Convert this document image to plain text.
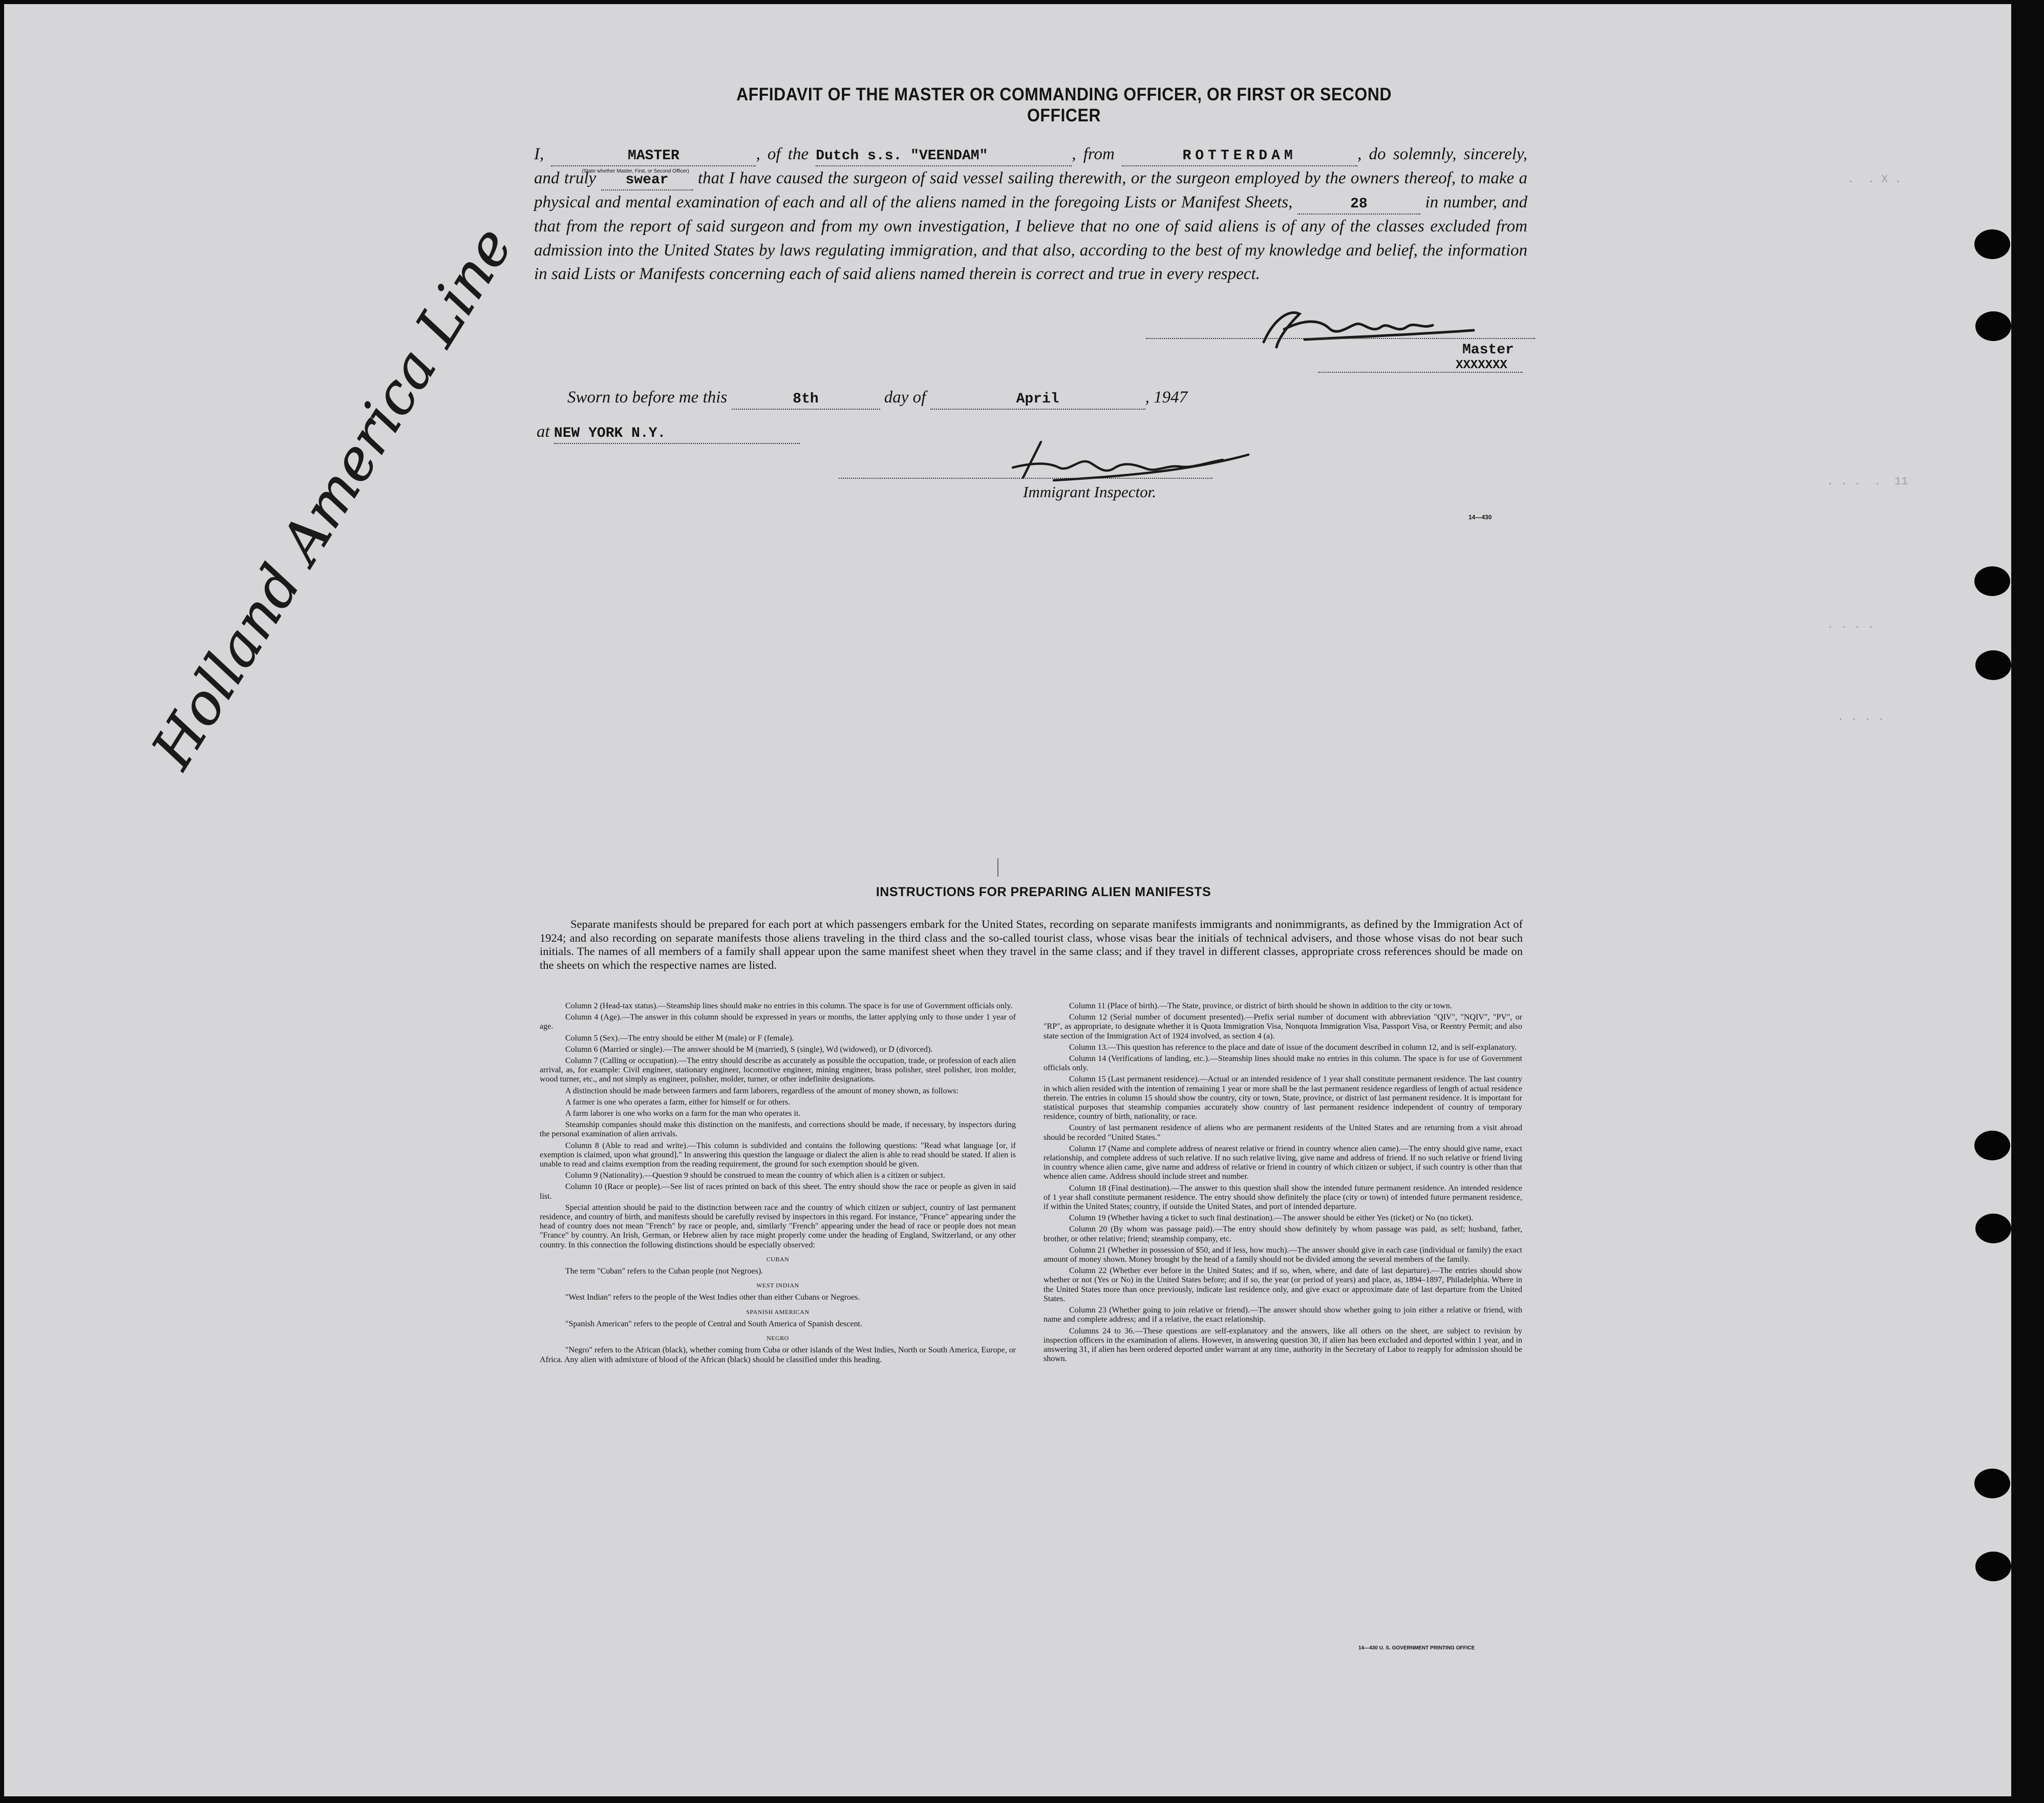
.  . X .
. . .  .  11
. . . .
. . . .
AFFIDAVIT OF THE MASTER OR COMMANDING OFFICER, OR FIRST OR SECOND OFFICER
I,	MASTER
(State whether Master, First, or Second Officer)
, of the Dutch s.s. "VEENDAM"	, from	ROTTERDAM	, do solemnly, sincerely, and truly swear that I have caused the surgeon of said vessel sailing therewith, or the surgeon employed by the owners thereof, to make a physical and mental examination of each and all of the aliens named in the foregoing Lists or Manifest Sheets,	28	in number, and that from the report of said surgeon and from my own investigation, I believe that no one of said aliens is of any of the classes excluded from admission into the United States by laws regulating immigration, and that also, according to the best of my knowledge and belief, the information in said Lists or Manifests concerning each of said aliens named therein is correct and true in every respect.
Master
XXXXXXX
Sworn to before me this	8th	day of	April	, 1947
at NEW YORK N.Y.
Immigrant Inspector.
14—430
Holland America Line
INSTRUCTIONS FOR PREPARING ALIEN MANIFESTS
Separate manifests should be prepared for each port at which passengers embark for the United States, recording on separate manifests immigrants and nonimmigrants, as defined by the Immigration Act of 1924; and also recording on separate manifests those aliens traveling in the third class and the so-called tourist class, whose visas bear the initials of technical advisers, and those whose visas do not bear such initials. The names of all members of a family shall appear upon the same manifest sheet when they travel in the same class; and if they travel in different classes, appropriate cross references should be made on the sheets on which the respective names are listed.

Column 2 (Head-tax status).—Steamship lines should make no entries in this column. The space is for use of Government officials only.

Column 4 (Age).—The answer in this column should be expressed in years or months, the latter applying only to those under 1 year of age.

Column 5 (Sex).—The entry should be either M (male) or F (female).

Column 6 (Married or single).—The answer should be M (married), S (single), Wd (widowed), or D (divorced).

Column 7 (Calling or occupation).—The entry should describe as accurately as possible the occupation, trade, or profession of each alien arrival, as, for example: Civil engineer, stationary engineer, locomotive engineer, mining engineer, brass polisher, steel polisher, iron molder, wood turner, etc., and not simply as engineer, polisher, molder, turner, or other indefinite designations.

A distinction should be made between farmers and farm laborers, regardless of the amount of money shown, as follows:

A farmer is one who operates a farm, either for himself or for others.

A farm laborer is one who works on a farm for the man who operates it.

Steamship companies should make this distinction on the manifests, and corrections should be made, if necessary, by inspectors during the personal examination of alien arrivals.

Column 8 (Able to read and write).—This column is subdivided and contains the following questions: "Read what language [or, if exemption is claimed, upon what ground]." In answering this question the language or dialect the alien is able to read should be stated. If alien is unable to read and claims exemption from the reading requirement, the ground for such exemption should be given.

Column 9 (Nationality).—Question 9 should be construed to mean the country of which alien is a citizen or subject.

Column 10 (Race or people).—See list of races printed on back of this sheet. The entry should show the race or people as given in said list.

Special attention should be paid to the distinction between race and the country of which citizen or subject, country of last permanent residence, and country of birth, and manifests should be carefully revised by inspectors in this regard. For instance, "France" appearing under the head of country does not mean "French" by race or people, and, similarly "French" appearing under the head of race or people does not mean "France" by country. An Irish, German, or Hebrew alien by race might properly come under the heading of England, Switzerland, or any other country. In this connection the following distinctions should be especially observed:

CUBAN

The term "Cuban" refers to the Cuban people (not Negroes).

WEST INDIAN

"West Indian" refers to the people of the West Indies other than either Cubans or Negroes.

SPANISH AMERICAN

"Spanish American" refers to the people of Central and South America of Spanish descent.

NEGRO

"Negro" refers to the African (black), whether coming from Cuba or other islands of the West Indies, North or South America, Europe, or Africa. Any alien with admixture of blood of the African (black) should be classified under this heading.

Column 11 (Place of birth).—The State, province, or district of birth should be shown in addition to the city or town.

Column 12 (Serial number of document presented).—Prefix serial number of document with abbreviation "QIV", "NQIV", "PV", or "RP", as appropriate, to designate whether it is Quota Immigration Visa, Nonquota Immigration Visa, Passport Visa, or Reentry Permit; and also state section of the Immigration Act of 1924 involved, as section 4 (a).

Column 13.—This question has reference to the place and date of issue of the document described in column 12, and is self-explanatory.

Column 14 (Verifications of landing, etc.).—Steamship lines should make no entries in this column. The space is for use of Government officials only.

Column 15 (Last permanent residence).—Actual or an intended residence of 1 year shall constitute permanent residence. The last country in which alien resided with the intention of remaining 1 year or more shall be the last permanent residence regardless of length of actual residence therein. The entries in column 15 should show the country, city or town, State, province, or district of last permanent residence. It is important for statistical purposes that steamship companies accurately show country of last permanent residence independent of country of temporary residence, country of birth, nationality, or race.

Country of last permanent residence of aliens who are permanent residents of the United States and are returning from a visit abroad should be recorded "United States."

Column 17 (Name and complete address of nearest relative or friend in country whence alien came).—The entry should give name, exact relationship, and complete address of such relative. If no such relative living, give name and address of friend. If no such relative or friend living in country whence alien came, give name and address of relative or friend in country of which citizen or subject, if such country is other than that whence alien came. Address should include street and number.

Column 18 (Final destination).—The answer to this question shall show the intended future permanent residence. An intended residence of 1 year shall constitute permanent residence. The entry should show definitely the place (city or town) of intended future permanent residence, if within the United States; country, if outside the United States, and port of intended departure.

Column 19 (Whether having a ticket to such final destination).—The answer should be either Yes (ticket) or No (no ticket).

Column 20 (By whom was passage paid).—The entry should show definitely by whom passage was paid, as self; husband, father, brother, or other relative; friend; steamship company, etc.

Column 21 (Whether in possession of $50, and if less, how much).—The answer should give in each case (individual or family) the exact amount of money shown. Money brought by the head of a family should not be divided among the several members of the family.

Column 22 (Whether ever before in the United States; and if so, when, where, and date of last departure).—The entries should show whether or not (Yes or No) in the United States before; and if so, the year (or period of years) and place, as, 1894–1897, Philadelphia. Where in the United States more than once previously, indicate last residence only, and give exact or approximate date of last departure from the United States.

Column 23 (Whether going to join relative or friend).—The answer should show whether going to join either a relative or friend, with name and complete address; and if a relative, the exact relationship.

Columns 24 to 36.—These questions are self-explanatory and the answers, like all others on the sheet, are subject to revision by inspection officers in the examination of aliens. However, in answering question 30, if alien has been excluded and deported within 1 year, and in answering 31, if alien has been ordered deported under warrant at any time, authority in the Secretary of Labor to reapply for admission should be shown.

14—430 U. S. GOVERNMENT PRINTING OFFICE
